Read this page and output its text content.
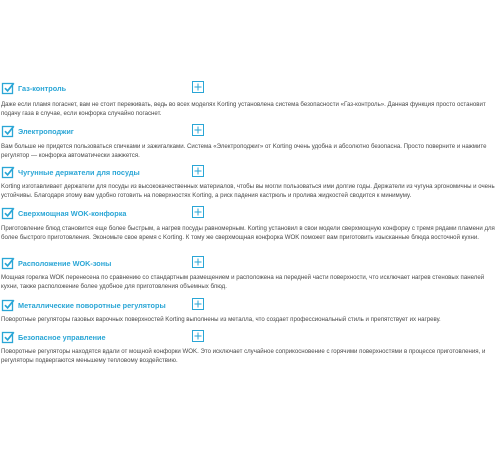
Газ-контроль

Даже если пламя погаснет, вам не стоит переживать, ведь во всех моделях Korting установлена система безопасности «Газ-контроль». Данная функция просто остановит подачу газа в случае, если конфорка случайно погаснет.

Электроподжиг

Вам больше не придется пользоваться спичками и зажигалками. Система «Электроподжиг» от Korting очень удобна и абсолютно безопасна. Просто поверните и нажмите регулятор — конфорка автоматически зажжется.

Чугунные держатели для посуды

Korting изготавливает держатели для посуды из высококачественных материалов, чтобы вы могли пользоваться ими долгие годы. Держатели из чугуна эргономичны и очень устойчивы. Благодаря этому вам удобно готовить на поверхностях Korting, а риск падения кастрюль и пролива жидкостей сводится к минимуму.

Сверхмощная WOK-конфорка

Приготовление блюд становится еще более быстрым, а нагрев посуды равномерным. Korting установил в свои модели сверхмощную конфорку с тремя рядами пламени для более быстрого приготовления. Экономьте свое время с Korting. К тому же сверхмощная конфорка WOK поможет вам приготовить изысканные блюда восточной кухни.

Расположение WOK-зоны

Мощная горелка WOK перенесена по сравнению со стандартным размещением и расположена на передней части поверхности, что исключает нагрев стеновых панелей кухни, также расположение более удобное для приготовления объемных блюд.

Металлические поворотные регуляторы

Поворотные регуляторы газовых варочных поверхностей Korting выполнены из металла, что создает профессиональный стиль и препятствует их нагреву.

Безопасное управление

Поворотные регуляторы находятся вдали от мощной конфорки WOK. Это исключает случайное соприкосновение с горячими поверхностями в процессе приготовления, и регуляторы подвергаются меньшему тепловому воздействию.
